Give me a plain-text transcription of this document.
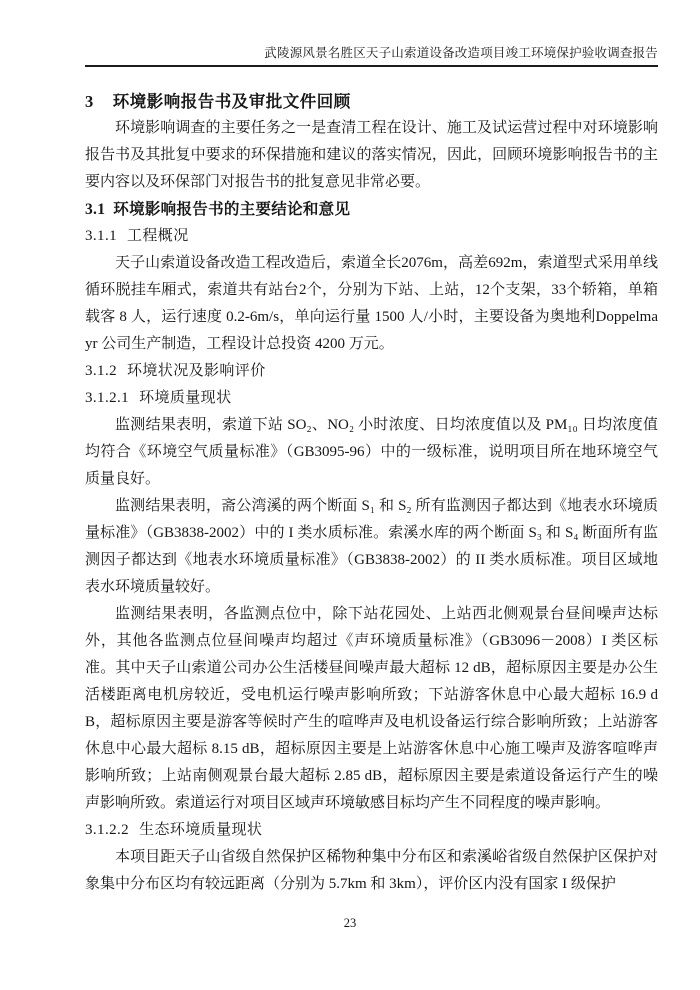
武陵源风景名胜区天子山索道设备改造项目竣工环境保护验收调查报告
3 环境影响报告书及审批文件回顾

环境影响调查的主要任务之一是查清工程在设计、施工及试运营过程中对环境影响报告书及其批复中要求的环保措施和建议的落实情况，因此，回顾环境影响报告书的主要内容以及环保部门对报告书的批复意见非常必要。

3.1 环境影响报告书的主要结论和意见
3.1.1 工程概况

天子山索道设备改造工程改造后，索道全长2076m，高差692m，索道型式采用单线循环脱挂车厢式，索道共有站台2个，分别为下站、上站，12个支架，33个轿箱，单箱载客 8 人，运行速度 0.2-6m/s，单向运行量 1500 人/小时，主要设备为奥地利Doppelmayr 公司生产制造，工程设计总投资 4200 万元。

3.1.2 环境状况及影响评价
3.1.2.1 环境质量现状

监测结果表明，索道下站 SO₂、NO₂ 小时浓度、日均浓度值以及 PM₁₀ 日均浓度值均符合《环境空气质量标准》（GB3095-96）中的一级标准，说明项目所在地环境空气质量良好。

监测结果表明，斋公湾溪的两个断面 S₁ 和 S₂ 所有监测因子都达到《地表水环境质量标准》（GB3838-2002）中的 I 类水质标准。索溪水库的两个断面 S₃ 和 S₄ 断面所有监测因子都达到《地表水环境质量标准》（GB3838-2002）的 II 类水质标准。项目区域地表水环境质量较好。

监测结果表明，各监测点位中，除下站花园处、上站西北侧观景台昼间噪声达标外，其他各监测点位昼间噪声均超过《声环境质量标准》（GB3096－2008）I 类区标准。其中天子山索道公司办公生活楼昼间噪声最大超标 12 dB，超标原因主要是办公生活楼距离电机房较近，受电机运行噪声影响所致；下站游客休息中心最大超标 16.9 dB，超标原因主要是游客等候时产生的喧哗声及电机设备运行综合影响所致；上站游客休息中心最大超标 8.15 dB，超标原因主要是上站游客休息中心施工噪声及游客喧哗声影响所致；上站南侧观景台最大超标 2.85 dB，超标原因主要是索道设备运行产生的噪声影响所致。索道运行对项目区域声环境敏感目标均产生不同程度的噪声影响。

3.1.2.2 生态环境质量现状

本项目距天子山省级自然保护区稀物种集中分布区和索溪峪省级自然保护区保护对象集中分布区均有较远距离（分别为 5.7km 和 3km），评价区内没有国家 I 级保护

23
